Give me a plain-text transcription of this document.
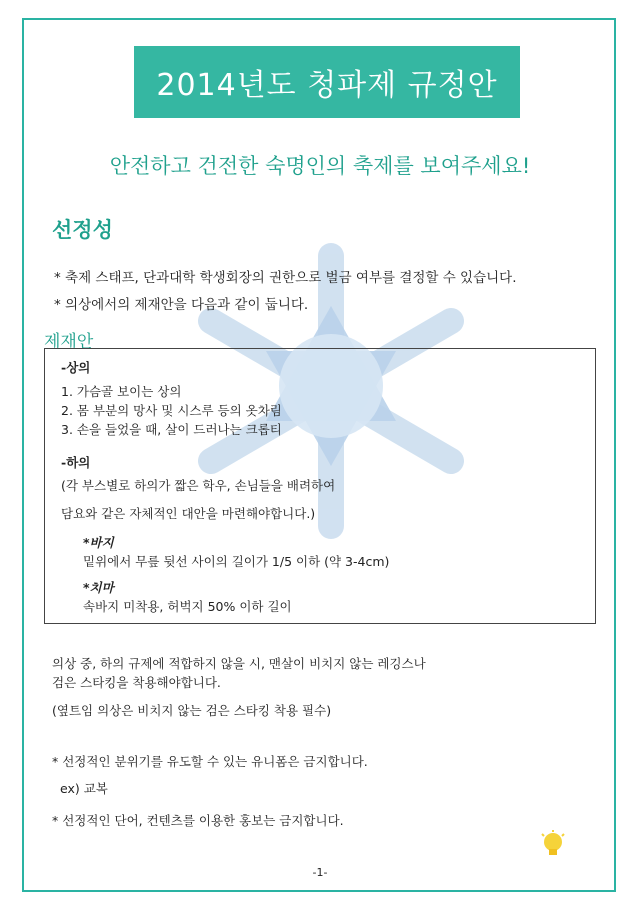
2014년도 청파제 규정안
안전하고 건전한 숙명인의 축제를 보여주세요!
선정성
* 축제 스태프, 단과대학 학생회장의 권한으로 벌금 여부를 결정할 수 있습니다.
* 의상에서의 제재안을 다음과 같이 둡니다.
제재안
-상의
1. 가슴골 보이는 상의
2. 몸 부분의 망사 및 시스루 등의 옷차림
3. 손을 들었을 때, 살이 드러나는 크롭티
-하의
(각 부스별로 하의가 짧은 학우, 손님들을 배려하여
담요와 같은 자체적인 대안을 마련해야합니다.)
*바지
밑위에서 무릎 뒷선 사이의 길이가 1/5 이하 (약 3-4cm)
*치마
속바지 미착용, 허벅지 50% 이하 길이
의상 중, 하의 규제에 적합하지 않을 시, 맨살이 비치지 않는 레깅스나
검은 스타킹을 착용해야합니다.
(옆트임 의상은 비치지 않는 검은 스타킹 착용 필수)
* 선정적인 분위기를 유도할 수 있는 유니폼은 금지합니다.
ex) 교복
* 선정적인 단어, 컨텐츠를 이용한 홍보는 금지합니다.
-1-
